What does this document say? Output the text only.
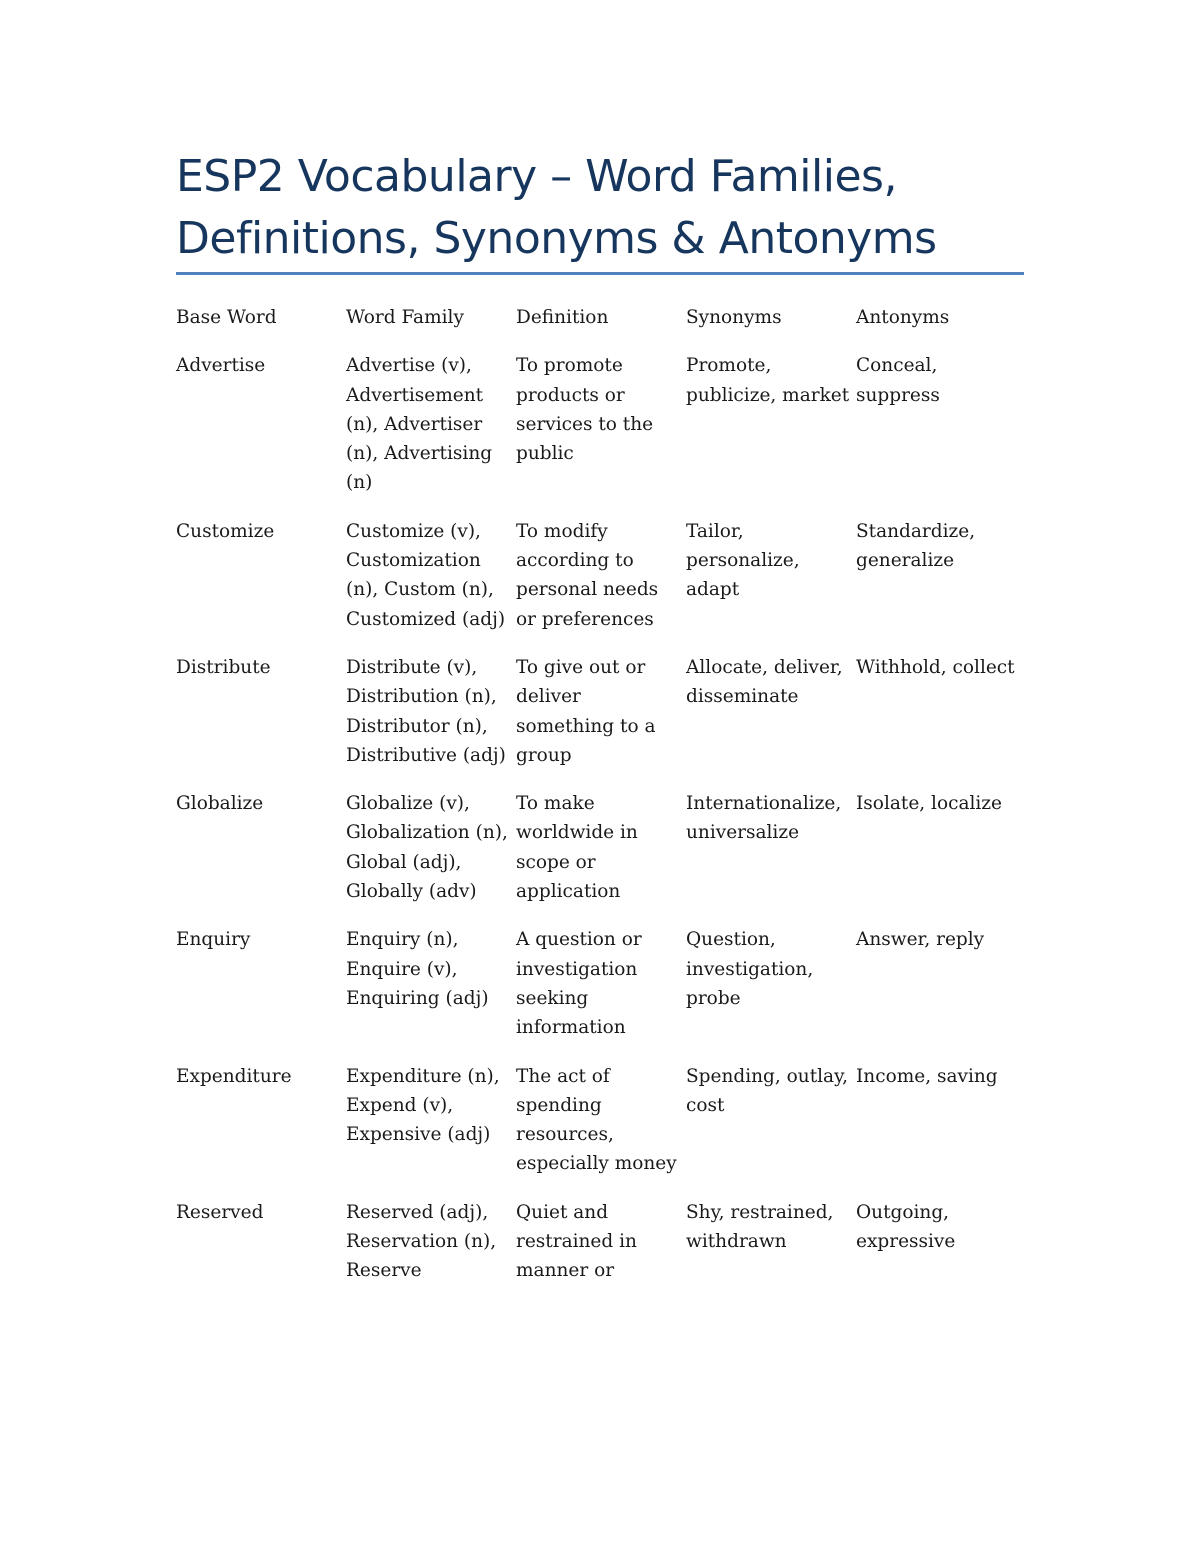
ESP2 Vocabulary – Word Families,
Definitions, Synonyms & Antonyms
Base Word	Word Family	Definition	Synonyms	Antonyms
Advertise	Advertise (v), Advertisement (n), Advertiser (n), Advertising (n)	To promote products or services to the public	Promote, publicize, market	Conceal, suppress
Customize	Customize (v), Customization (n), Custom (n), Customized (adj)	To modify according to personal needs or preferences	Tailor, personalize, adapt	Standardize, generalize
Distribute	Distribute (v), Distribution (n), Distributor (n), Distributive (adj)	To give out or deliver something to a group	Allocate, deliver, disseminate	Withhold, collect
Globalize	Globalize (v), Globalization (n), Global (adj), Globally (adv)	To make worldwide in scope or application	Internationalize, universalize	Isolate, localize
Enquiry	Enquiry (n), Enquire (v), Enquiring (adj)	A question or investigation seeking information	Question, investigation, probe	Answer, reply
Expenditure	Expenditure (n), Expend (v), Expensive (adj)	The act of spending resources, especially money	Spending, outlay, cost	Income, saving
Reserved	Reserved (adj), Reservation (n), Reserve	Quiet and restrained in manner or	Shy, restrained, withdrawn	Outgoing, expressive
